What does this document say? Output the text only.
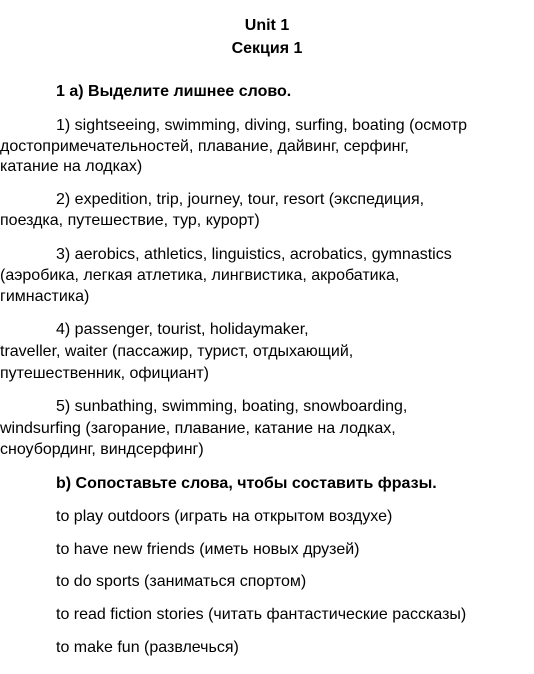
Unit 1
Секция 1
1 a) Выделите лишнее слово.
1) sightseeing, swimming, diving, surfing, boating (осмотр
достопримечательностей, плавание, дайвинг, серфинг,
катание на лодках)
2) expedition, trip, journey, tour, resort (экспедиция,
поездка, путешествие, тур, курорт)
3) aerobics, athletics, linguistics, acrobatics, gymnastics
(аэробика, легкая атлетика, лингвистика, акробатика,
гимнастика)
4) passenger, tourist, holidaymaker,
traveller, waiter (пассажир, турист, отдыхающий,
путешественник, официант)
5) sunbathing, swimming, boating, snowboarding,
windsurfing (загорание, плавание, катание на лодках,
сноубординг, виндсерфинг)
b) Сопоставьте слова, чтобы составить фразы.
to play outdoors (играть на открытом воздухе)
to have new friends (иметь новых друзей)
to do sports (заниматься спортом)
to read fiction stories (читать фантастические рассказы)
to make fun (развлечься)
